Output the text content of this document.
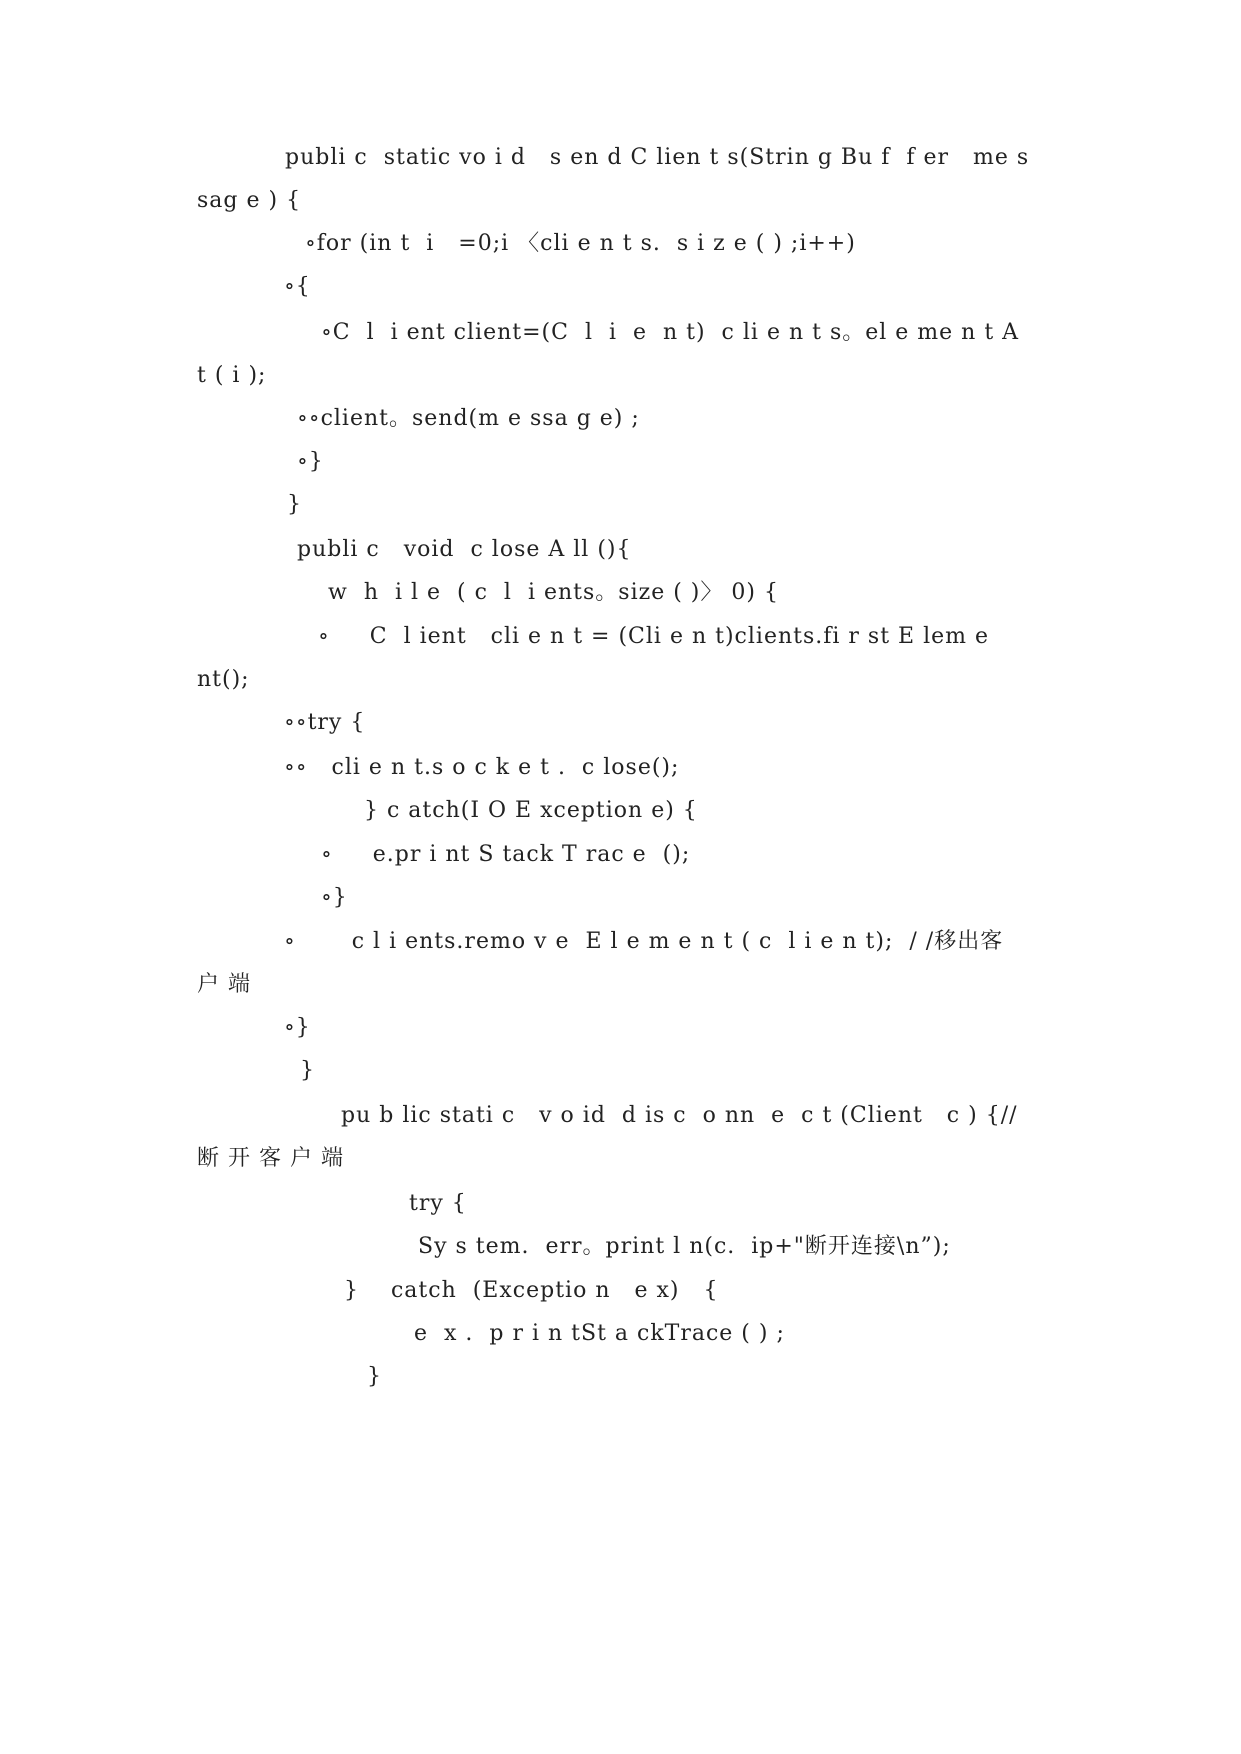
publi c  static vo i d   s en d C lien t s(Strin g Bu f  f er   me s
sag e ) {
∘for (in t  i   =0;i 〈cli e n t s.  s i z e ( ) ;i++)
∘{
∘C  l  i ent client=(C  l  i  e  n t)  c li e n t s。el e me n t A
t ( i );
∘∘client。send(m e ssa g e) ;
∘}
}
publi c   void  c lose A ll (){
w  h  i l e  ( c  l  i ents。size ( )〉 0) {
∘     C  l ient   cli e n t = (Cli e n t)clients.fi r st E lem e
nt();
∘∘try {
∘∘   cli e n t.s o c k e t .  c lose();
} c atch(I O E xception e) {
∘     e.pr i nt S tack T rac e  ();
∘}
∘       c l i ents.remo v e  E l e m e n t ( c  l i e n t);  / /移出客
户 端
∘}
}
pu b lic stati c   v o id  d is c  o nn  e  c t (Client   c ) {//
断 开 客 户 端
try {
Sy s tem.  err。print l n(c.  ip+"断开连接\n”);
}    catch  (Exceptio n   e x)   {
e  x .  p r i n tSt a ckTrace ( ) ;
}
